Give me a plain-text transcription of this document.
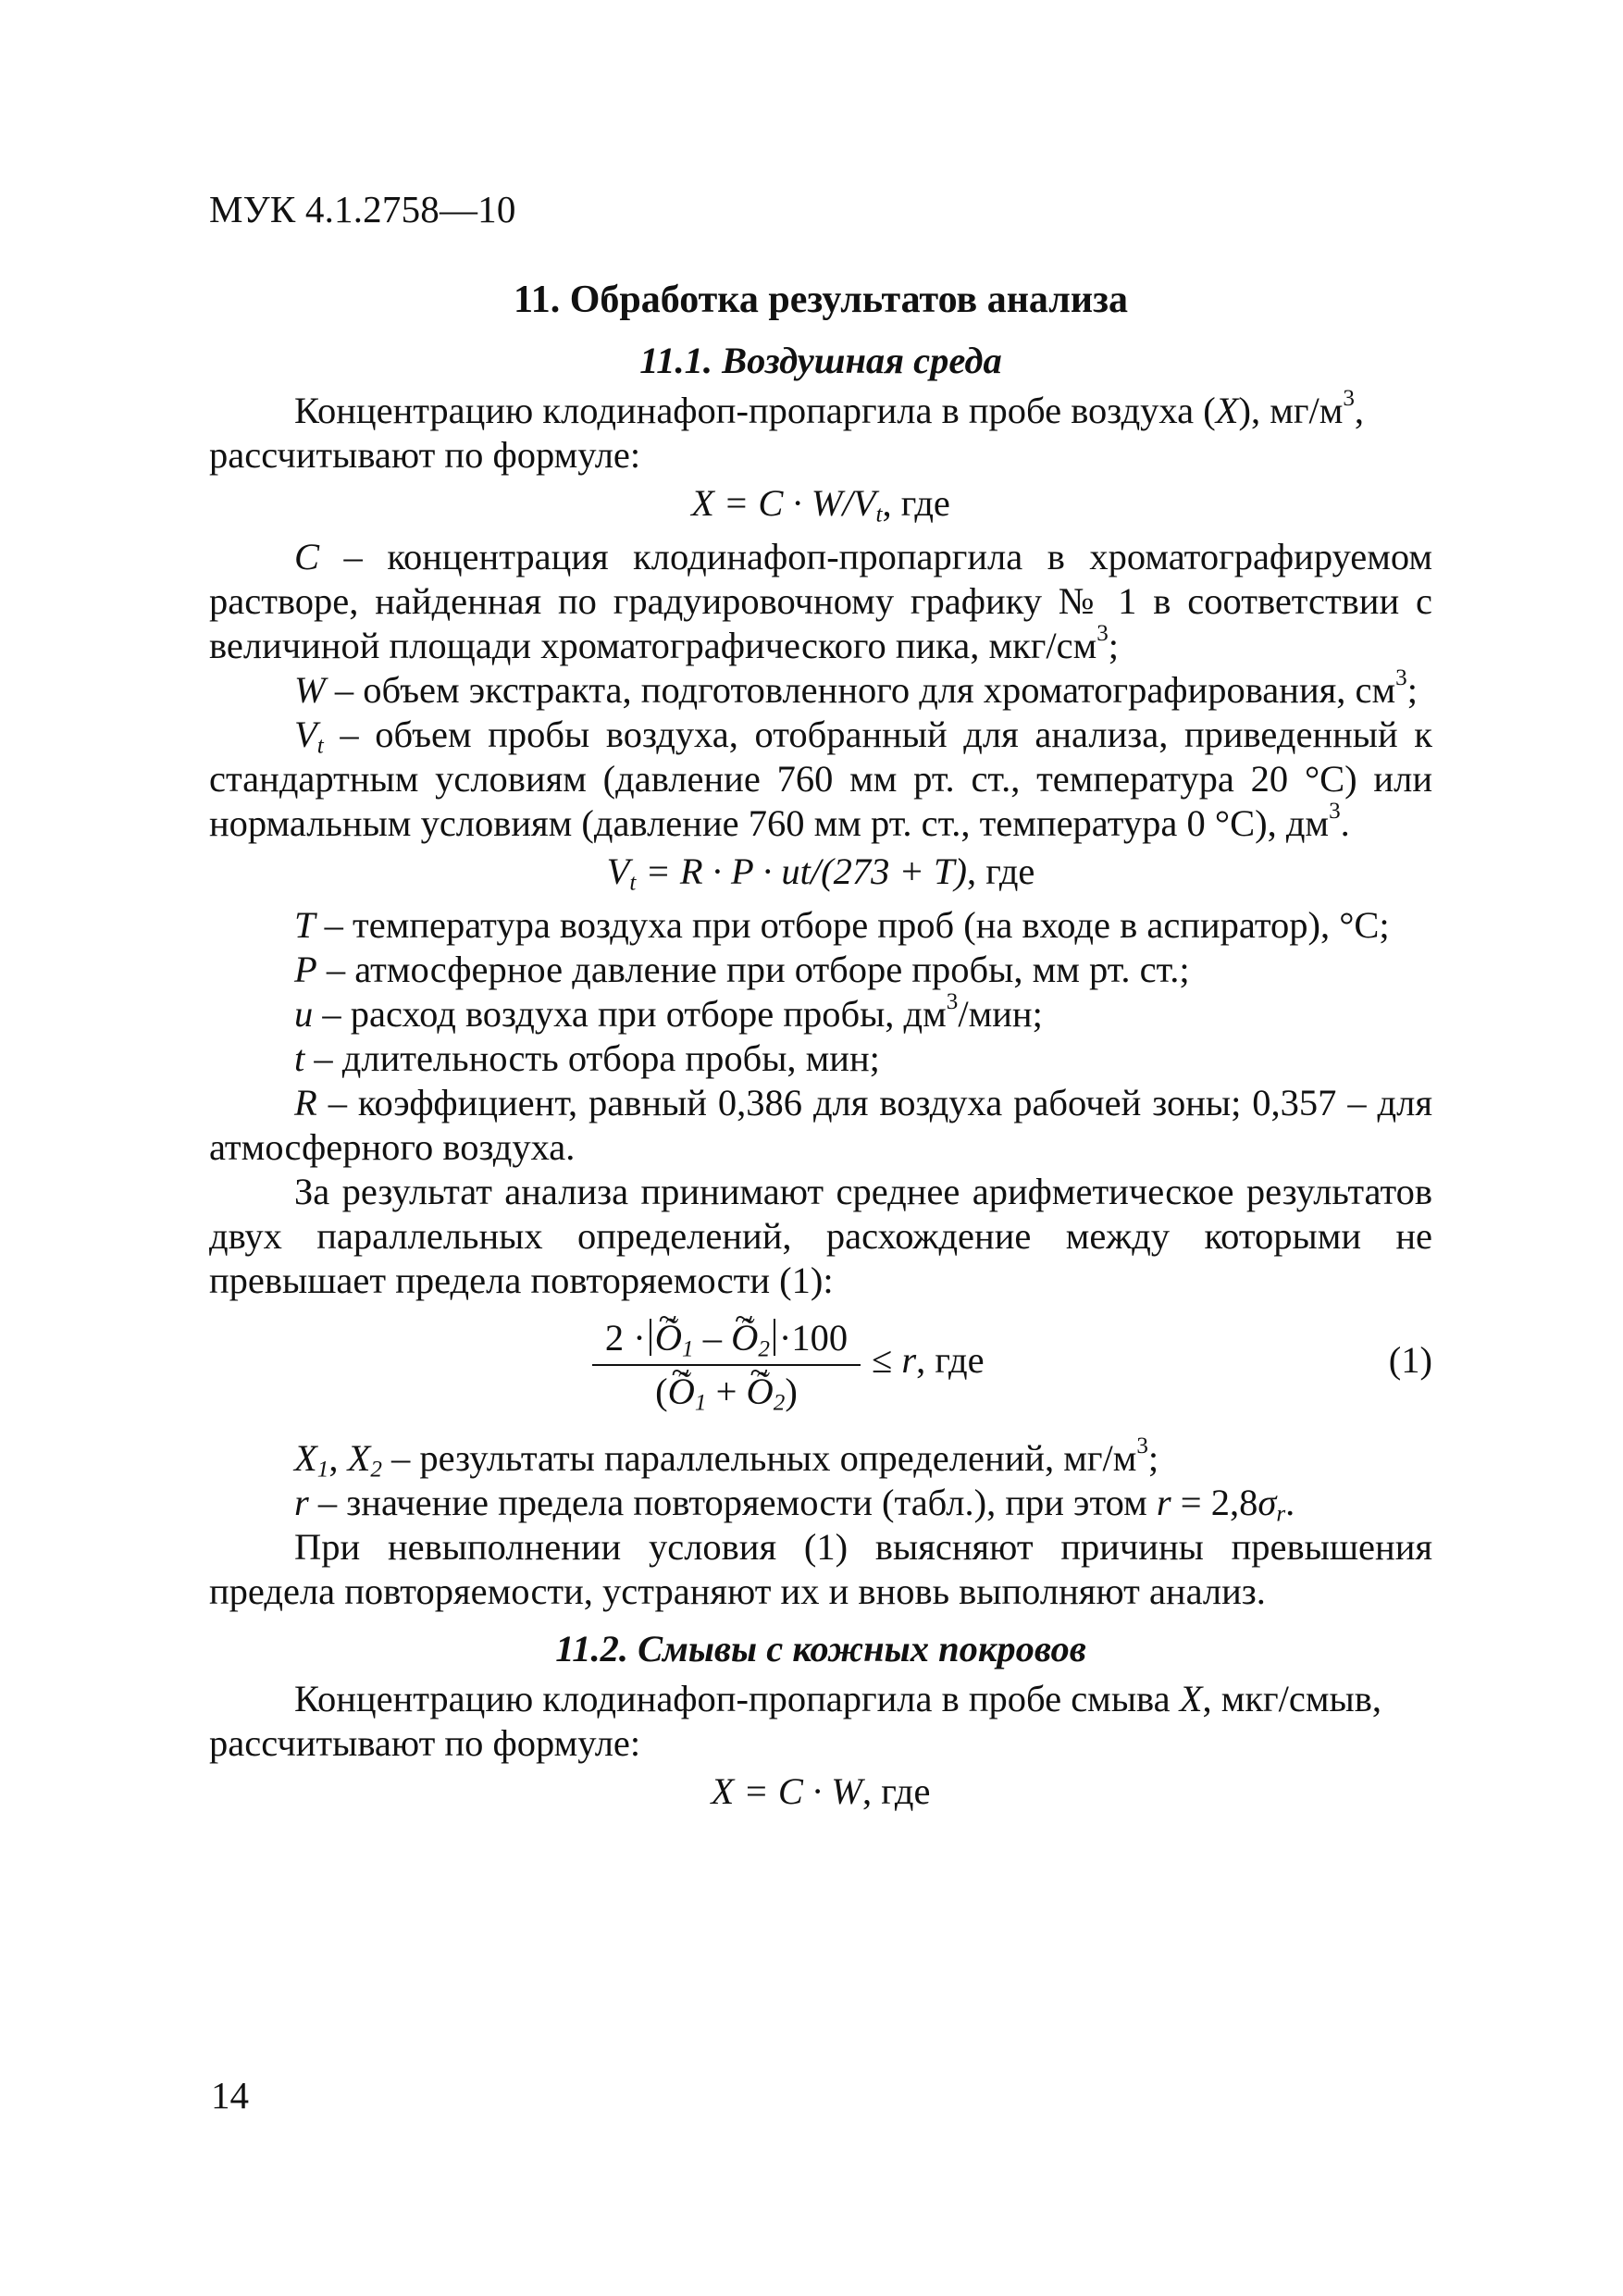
МУК 4.1.2758—10

11. Обработка результатов анализа

11.1. Воздушная среда

Концентрацию клодинафоп-пропаргила в пробе воздуха (X), $мг/м^3$,
рассчитывают по формуле:

$X = C \cdot W/V_t$, где

C – концентрация клодинафоп-пропаргила в хроматографируемом растворе, найденная по градуировочному графику № 1 в соответствии с величиной площади хроматографического пика, мкг/$см^3$;

W – объем экстракта, подготовленного для хроматографирования, $см^3$;

$V_t$ – объем пробы воздуха, отобранный для анализа, приведенный к стандартным условиям (давление 760 мм рт. ст., температура 20 °C) или нормальным условиям (давление 760 мм рт. ст., температура 0 °C), $дм^3$.

$V_t = R \cdot P \cdot ut/(273 + T)$, где

T – температура воздуха при отборе проб (на входе в аспиратор), °C;

P – атмосферное давление при отборе пробы, мм рт. ст.;

u – расход воздуха при отборе пробы, $дм^3$/мин;

t – длительность отбора пробы, мин;

R – коэффициент, равный 0,386 для воздуха рабочей зоны; 0,357 – для атмосферного воздуха.

За результат анализа принимают среднее арифметическое результатов двух параллельных определений, расхождение между которыми не превышает предела повторяемости (1):

2 ·~ $Õ_1$ – ~ $Õ_2 \cdot 100$
(~ $Õ_1$ + ~ $Õ_2$)
≤ r, где	(1)

$X_1$, $X_2$ – результаты параллельных определений, $мг/м^3$;

r – значение предела повторяемости (табл.), при этом $r = 2,8\sigma_r$.

При невыполнении условия (1) выясняют причины превышения предела повторяемости, устраняют их и вновь выполняют анализ.

11.2. Смывы с кожных покровов

Концентрацию клодинафоп-пропаргила в пробе смыва X, мкг/смыв,
рассчитывают по формуле:

X = C · W, где

14
